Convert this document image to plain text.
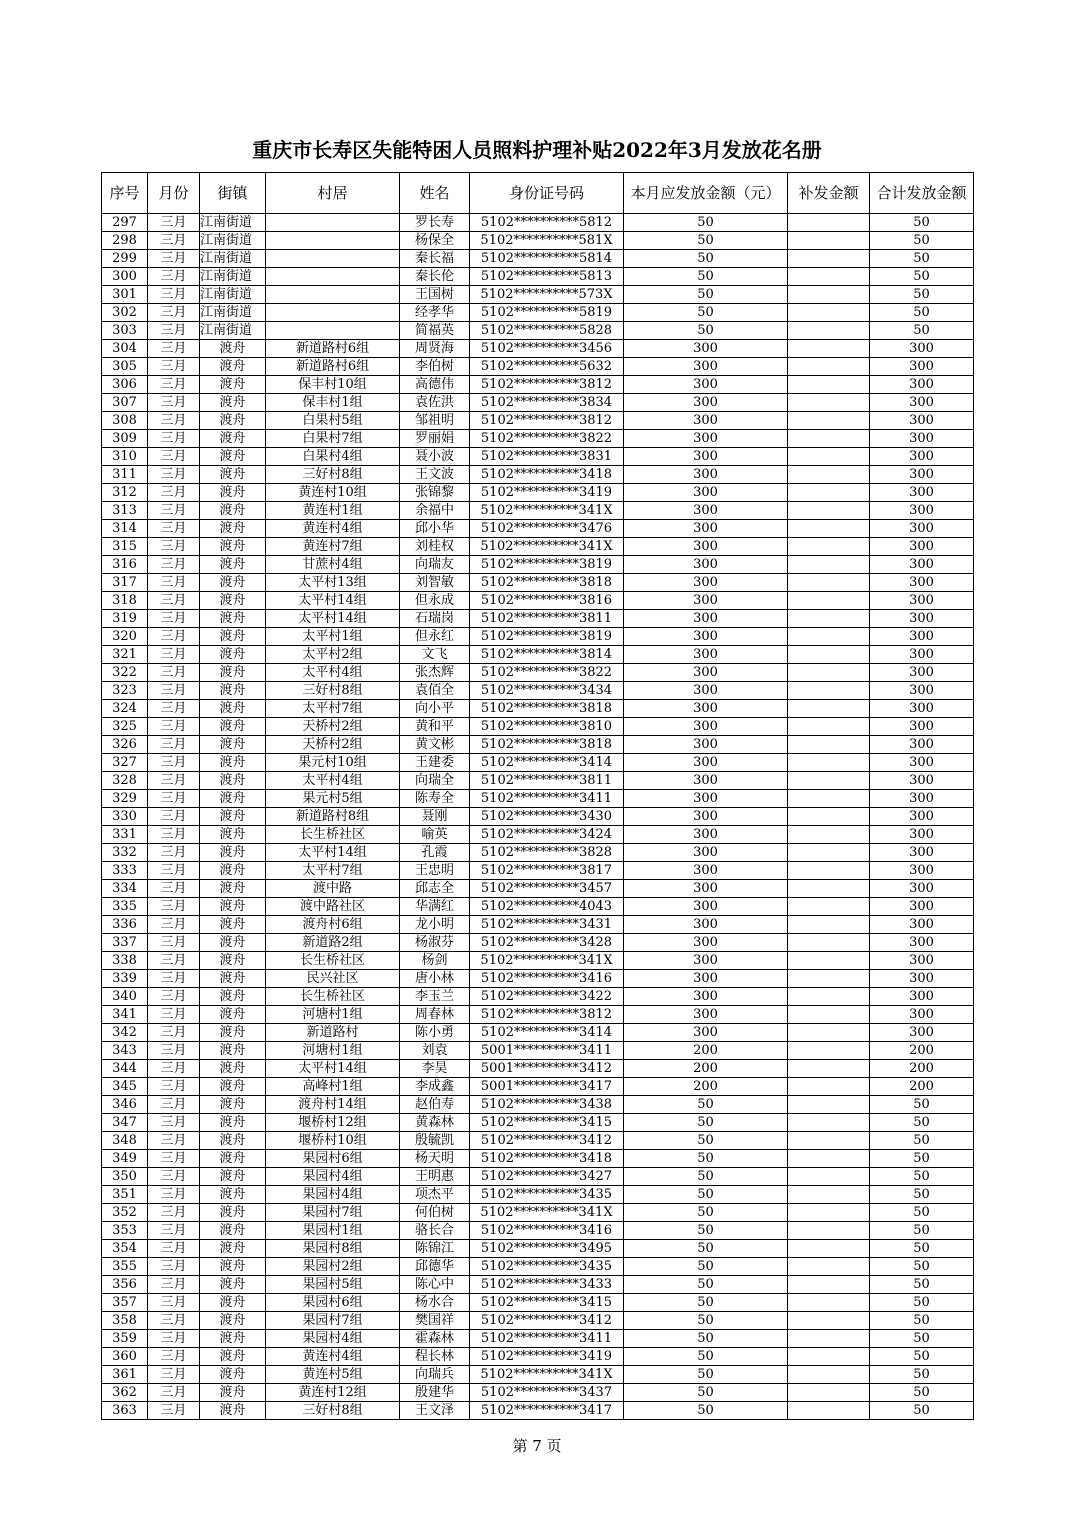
重庆市长寿区失能特困人员照料护理补贴2022年3月发放花名册
序号	月份	街镇	村居	姓名	身份证号码	本月应发放金额（元）	补发金额	合计发放金额
297	三月	江南街道		罗长寿	5102**********5812	50		50
298	三月	江南街道		杨保全	5102**********581X	50		50
299	三月	江南街道		秦长福	5102**********5814	50		50
300	三月	江南街道		秦长伦	5102**********5813	50		50
301	三月	江南街道		王国树	5102**********573X	50		50
302	三月	江南街道		经孝华	5102**********5819	50		50
303	三月	江南街道		简福英	5102**********5828	50		50
304	三月	渡舟	新道路村6组	周贤海	5102**********3456	300		300
305	三月	渡舟	新道路村6组	李伯树	5102**********5632	300		300
306	三月	渡舟	保丰村10组	高德伟	5102**********3812	300		300
307	三月	渡舟	保丰村1组	袁佐洪	5102**********3834	300		300
308	三月	渡舟	白果村5组	邹祖明	5102**********3812	300		300
309	三月	渡舟	白果村7组	罗丽娟	5102**********3822	300		300
310	三月	渡舟	白果村4组	聂小波	5102**********3831	300		300
311	三月	渡舟	三好村8组	王文波	5102**********3418	300		300
312	三月	渡舟	黄连村10组	张锦黎	5102**********3419	300		300
313	三月	渡舟	黄连村1组	余福中	5102**********341X	300		300
314	三月	渡舟	黄连村4组	邱小华	5102**********3476	300		300
315	三月	渡舟	黄连村7组	刘桂权	5102**********341X	300		300
316	三月	渡舟	甘蔗村4组	向瑞友	5102**********3819	300		300
317	三月	渡舟	太平村13组	刘智敏	5102**********3818	300		300
318	三月	渡舟	太平村14组	但永成	5102**********3816	300		300
319	三月	渡舟	太平村14组	石瑞岗	5102**********3811	300		300
320	三月	渡舟	太平村1组	但永红	5102**********3819	300		300
321	三月	渡舟	太平村2组	文飞	5102**********3814	300		300
322	三月	渡舟	太平村4组	张杰辉	5102**********3822	300		300
323	三月	渡舟	三好村8组	袁佰全	5102**********3434	300		300
324	三月	渡舟	太平村7组	向小平	5102**********3818	300		300
325	三月	渡舟	天桥村2组	黄和平	5102**********3810	300		300
326	三月	渡舟	天桥村2组	黄文彬	5102**********3818	300		300
327	三月	渡舟	果元村10组	王建委	5102**********3414	300		300
328	三月	渡舟	太平村4组	向瑞全	5102**********3811	300		300
329	三月	渡舟	果元村5组	陈寿全	5102**********3411	300		300
330	三月	渡舟	新道路村8组	聂刚	5102**********3430	300		300
331	三月	渡舟	长生桥社区	喻英	5102**********3424	300		300
332	三月	渡舟	太平村14组	孔霞	5102**********3828	300		300
333	三月	渡舟	太平村7组	王忠明	5102**********3817	300		300
334	三月	渡舟	渡中路	邱志全	5102**********3457	300		300
335	三月	渡舟	渡中路社区	华满红	5102**********4043	300		300
336	三月	渡舟	渡舟村6组	龙小明	5102**********3431	300		300
337	三月	渡舟	新道路2组	杨淑芬	5102**********3428	300		300
338	三月	渡舟	长生桥社区	杨剑	5102**********341X	300		300
339	三月	渡舟	民兴社区	唐小林	5102**********3416	300		300
340	三月	渡舟	长生桥社区	李玉兰	5102**********3422	300		300
341	三月	渡舟	河塘村1组	周春林	5102**********3812	300		300
342	三月	渡舟	新道路村	陈小勇	5102**********3414	300		300
343	三月	渡舟	河塘村1组	刘袁	5001**********3411	200		200
344	三月	渡舟	太平村14组	李昊	5001**********3412	200		200
345	三月	渡舟	高峰村1组	李成鑫	5001**********3417	200		200
346	三月	渡舟	渡舟村14组	赵伯寿	5102**********3438	50		50
347	三月	渡舟	堰桥村12组	黄森林	5102**********3415	50		50
348	三月	渡舟	堰桥村10组	殷毓凯	5102**********3412	50		50
349	三月	渡舟	果园村6组	杨天明	5102**********3418	50		50
350	三月	渡舟	果园村4组	王明惠	5102**********3427	50		50
351	三月	渡舟	果园村4组	项杰平	5102**********3435	50		50
352	三月	渡舟	果园村7组	何伯树	5102**********341X	50		50
353	三月	渡舟	果园村1组	骆长合	5102**********3416	50		50
354	三月	渡舟	果园村8组	陈锦江	5102**********3495	50		50
355	三月	渡舟	果园村2组	邱德华	5102**********3435	50		50
356	三月	渡舟	果园村5组	陈心中	5102**********3433	50		50
357	三月	渡舟	果园村6组	杨水合	5102**********3415	50		50
358	三月	渡舟	果园村7组	樊国祥	5102**********3412	50		50
359	三月	渡舟	果园村4组	霍森林	5102**********3411	50		50
360	三月	渡舟	黄连村4组	程长林	5102**********3419	50		50
361	三月	渡舟	黄连村5组	向瑞兵	5102**********341X	50		50
362	三月	渡舟	黄连村12组	殷建华	5102**********3437	50		50
363	三月	渡舟	三好村8组	王文泽	5102**********3417	50		50
第 7 页
